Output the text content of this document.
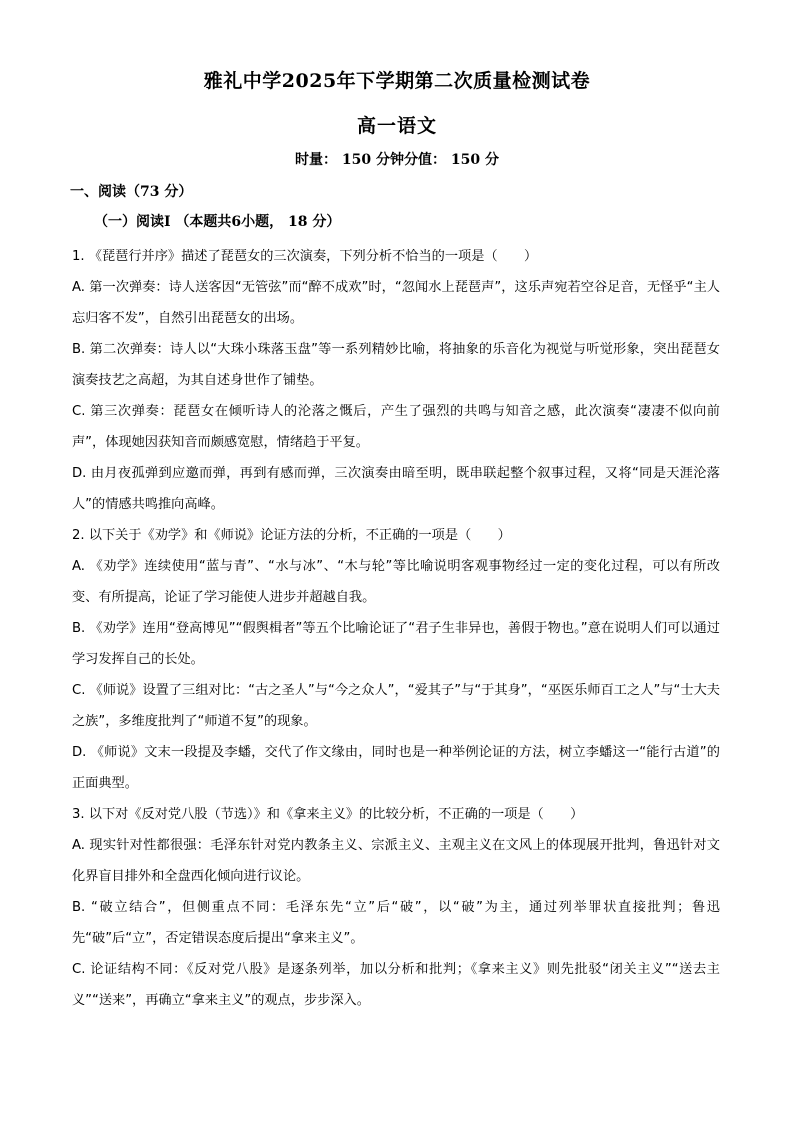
雅礼中学2025年下学期第二次质量检测试卷
高一语文
时量： 150 分钟分值： 150 分
一、阅读（73 分）
（一）阅读Ⅰ （本题共6小题， 18 分）

1. 《琵琶行并序》描述了琵琶女的三次演奏，下列分析不恰当的一项是（　　）

A. 第一次弹奏：诗人送客因“无管弦”而“醉不成欢”时，“忽闻水上琵琶声”，这乐声宛若空谷足音，无怪乎“主人忘归客不发”，自然引出琵琶女的出场。

B. 第二次弹奏：诗人以“大珠小珠落玉盘”等一系列精妙比喻，将抽象的乐音化为视觉与听觉形象，突出琵琶女演奏技艺之高超，为其自述身世作了铺垫。

C. 第三次弹奏：琵琶女在倾听诗人的沦落之慨后，产生了强烈的共鸣与知音之感，此次演奏“凄凄不似向前声”，体现她因获知音而颇感宽慰，情绪趋于平复。

D. 由月夜孤弹到应邀而弹，再到有感而弹，三次演奏由暗至明，既串联起整个叙事过程，又将“同是天涯沦落人”的情感共鸣推向高峰。

2. 以下关于《劝学》和《师说》论证方法的分析，不正确的一项是（　　）

A. 《劝学》连续使用“蓝与青”、“水与冰”、“木与轮”等比喻说明客观事物经过一定的变化过程，可以有所改变、有所提高，论证了学习能使人进步并超越自我。

B. 《劝学》连用“登高博见”“假舆楫者”等五个比喻论证了“君子生非异也，善假于物也。”意在说明人们可以通过学习发挥自己的长处。

C. 《师说》设置了三组对比：“古之圣人”与“今之众人”，“爱其子”与“于其身”，“巫医乐师百工之人”与“士大夫之族”，多维度批判了“师道不复”的现象。

D. 《师说》文末一段提及李蟠，交代了作文缘由，同时也是一种举例论证的方法，树立李蟠这一“能行古道”的正面典型。

3. 以下对《反对党八股（节选）》和《拿来主义》的比较分析，不正确的一项是（　　）

A. 现实针对性都很强：毛泽东针对党内教条主义、宗派主义、主观主义在文风上的体现展开批判，鲁迅针对文化界盲目排外和全盘西化倾向进行议论。

B. “破立结合”，但侧重点不同：毛泽东先“立”后“破”，以“破”为主，通过列举罪状直接批判；鲁迅先“破”后“立”，否定错误态度后提出“拿来主义”。

C. 论证结构不同：《反对党八股》是逐条列举，加以分析和批判；《拿来主义》则先批驳“闭关主义”“送去主义”“送来”，再确立“拿来主义”的观点，步步深入。
